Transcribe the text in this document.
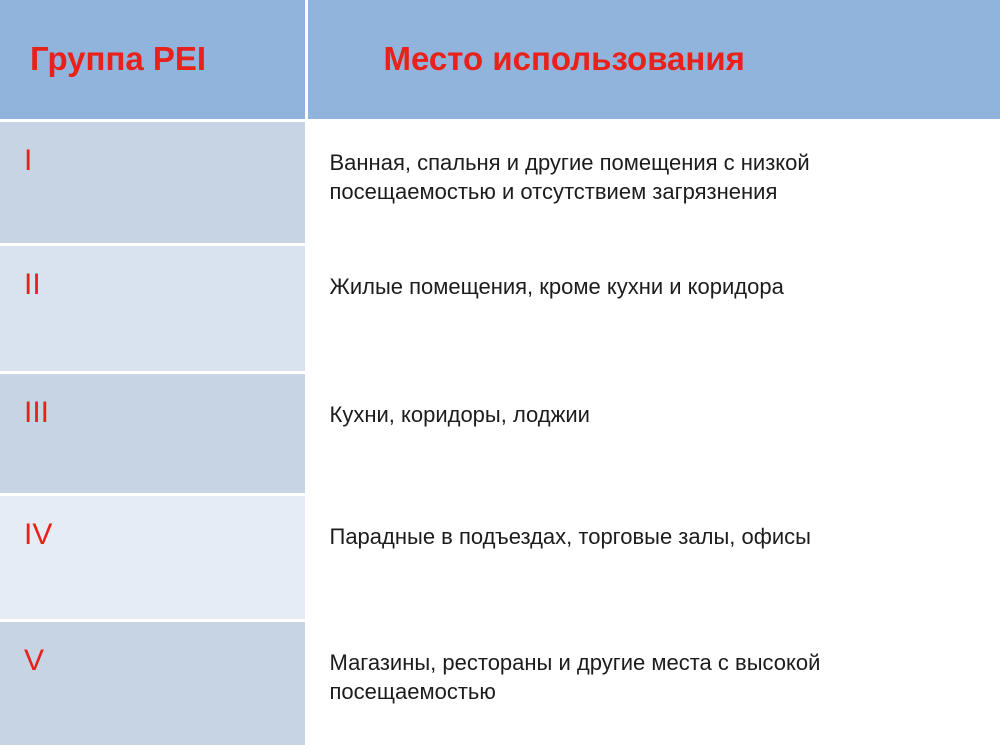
Группа PEI	Место использования
I	Ванная, спальня и другие помещения с низкой посещаемостью и отсутствием загрязнения
II	Жилые помещения, кроме кухни и коридора
III	Кухни, коридоры, лоджии
IV	Парадные в подъездах, торговые залы, офисы
V	Магазины, рестораны и другие места с высокой посещаемостью
